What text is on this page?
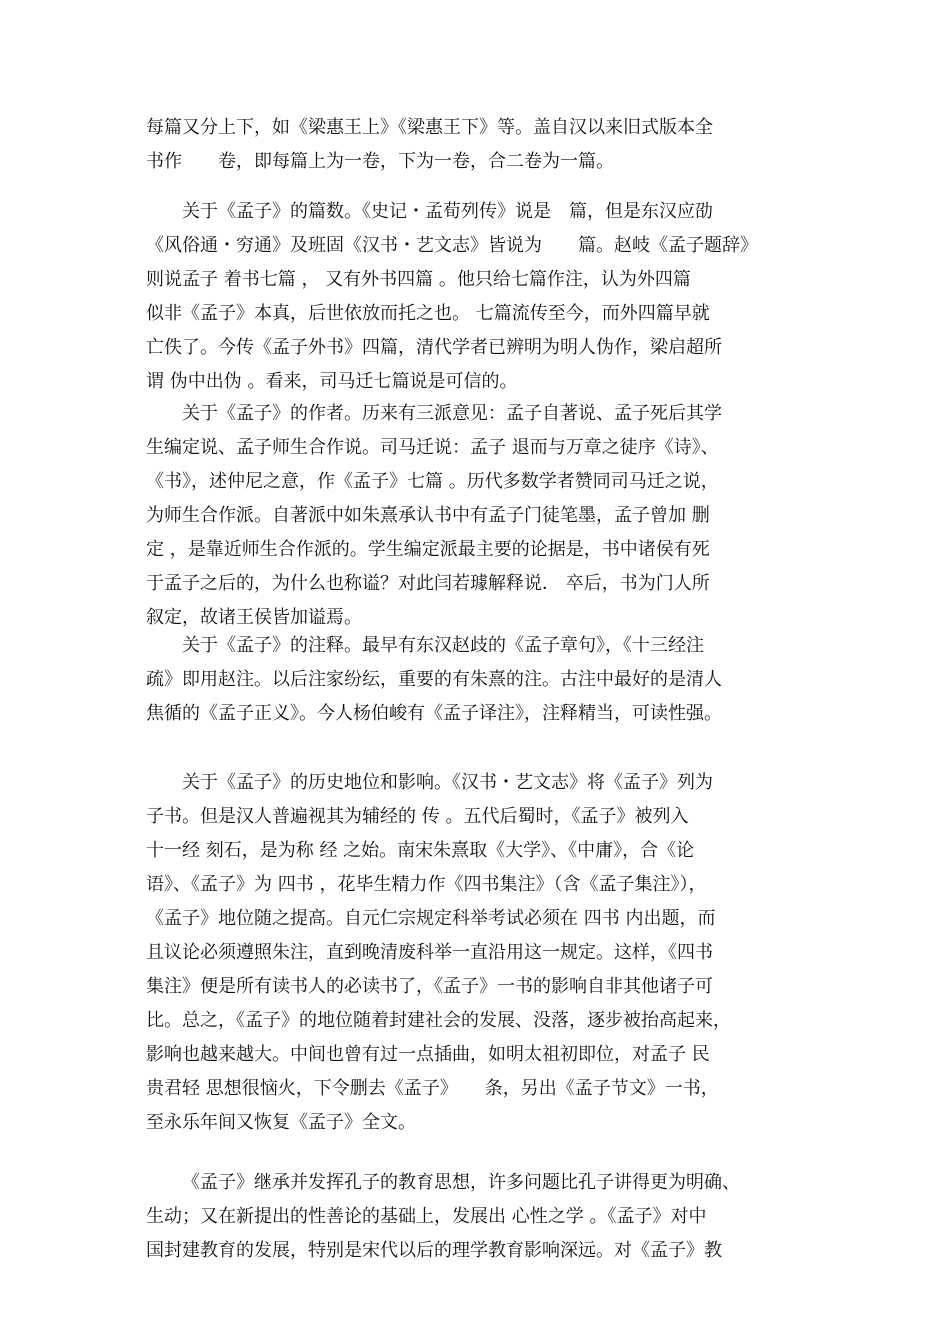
每篇又分上下，如《梁惠王上》《梁惠王下》等。盖自汉以来旧式版本全
书作　　卷，即每篇上为一卷，下为一卷，合二卷为一篇。
关于《孟子》的篇数。《史记・孟荀列传》说是　篇，但是东汉应劭
《风俗通・穷通》及班固《汉书・艺文志》皆说为　　篇。赵岐《孟子题辞》
则说孟子 着书七篇 ， 又有外书四篇 。他只给七篇作注，认为外四篇
似非《孟子》本真，后世依放而托之也。 七篇流传至今，而外四篇早就
亡佚了。今传《孟子外书》四篇，清代学者已辨明为明人伪作，梁启超所
谓 伪中出伪 。看来，司马迁七篇说是可信的。
关于《孟子》的作者。历来有三派意见：孟子自著说、孟子死后其学
生编定说、孟子师生合作说。司马迁说：孟子 退而与万章之徒序《诗》、
《书》，述仲尼之意，作《孟子》七篇 。历代多数学者赞同司马迁之说，
为师生合作派。自著派中如朱熹承认书中有孟子门徒笔墨，孟子曾加 删
定 ，是靠近师生合作派的。学生编定派最主要的论据是，书中诸侯有死
于孟子之后的，为什么也称谥？对此闫若璩解释说． 卒后，书为门人所
叙定，故诸王侯皆加谥焉。
关于《孟子》的注释。最早有东汉赵歧的《孟子章句》，《十三经注
疏》即用赵注。以后注家纷纭，重要的有朱熹的注。古注中最好的是清人
焦循的《孟子正义》。今人杨伯峻有《孟子译注》，注释精当，可读性强。
关于《孟子》的历史地位和影响。《汉书・艺文志》将《孟子》列为
子书。但是汉人普遍视其为辅经的 传 。五代后蜀时，《孟子》被列入
十一经 刻石，是为称 经 之始。南宋朱熹取《大学》、《中庸》，合《论
语》、《孟子》为 四书 ，花毕生精力作《四书集注》（含《孟子集注》），
《孟子》地位随之提高。自元仁宗规定科举考试必须在 四书 内出题，而
且议论必须遵照朱注，直到晚清废科举一直沿用这一规定。这样，《四书
集注》便是所有读书人的必读书了，《孟子》一书的影响自非其他诸子可
比。总之，《孟子》的地位随着封建社会的发展、没落，逐步被抬高起来，
影响也越来越大。中间也曾有过一点插曲，如明太祖初即位，对孟子 民
贵君轻 思想很恼火，下令删去《孟子》　　条，另出《孟子节文》一书，
至永乐年间又恢复《孟子》全文。
《孟子》继承并发挥孔子的教育思想，许多问题比孔子讲得更为明确、
生动；又在新提出的性善论的基础上，发展出 心性之学 。《孟子》对中
国封建教育的发展，特别是宋代以后的理学教育影响深远。对《孟子》教
